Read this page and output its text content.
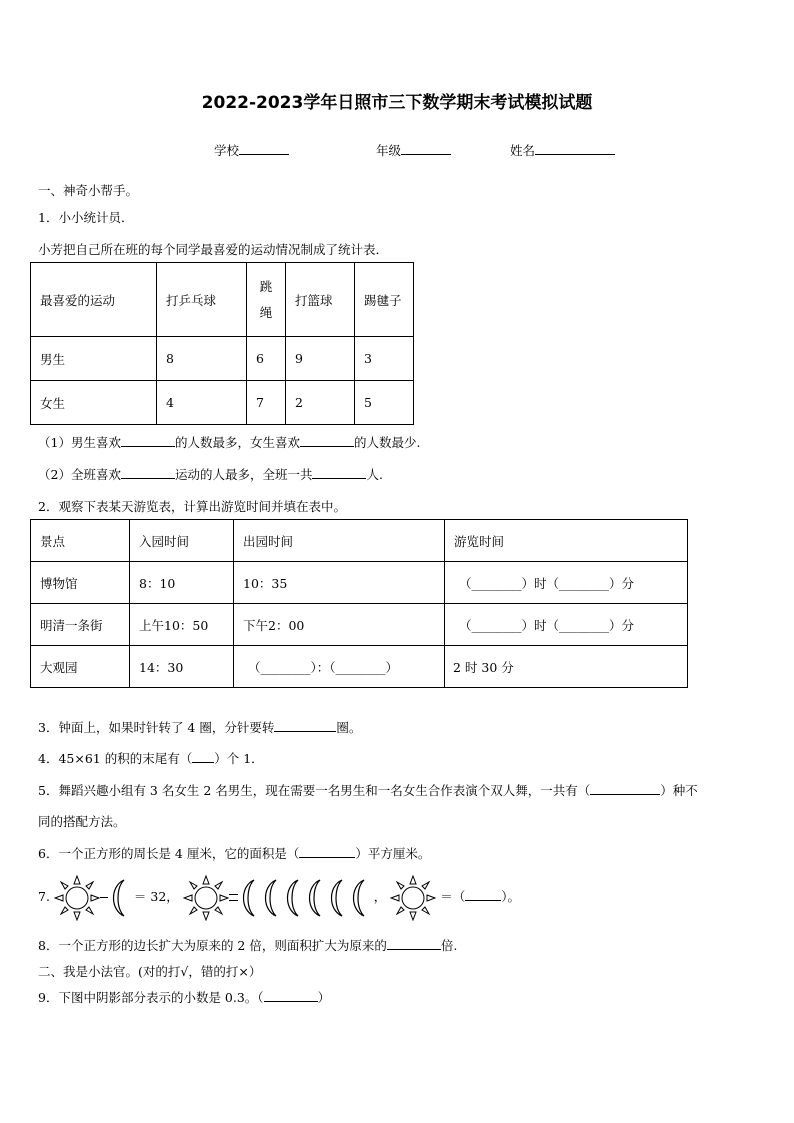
2022-2023学年日照市三下数学期末考试模拟试题
学校	年级	姓名
一、神奇小帮手。
1．小小统计员．
小芳把自己所在班的每个同学最喜爱的运动情况制成了统计表．
最喜爱的运动	打乒乓球	跳绳	打篮球	踢毽子
男生	8	6	9	3
女生	4	7	2	5
（1）男生喜欢	的人数最多，女生喜欢	的人数最少.
（2）全班喜欢	运动的人最多，全班一共	人.
2．观察下表某天游览表，计算出游览时间并填在表中。
景点	入园时间	出园时间	游览时间
博物馆	8：10	10：35	（________）时（________）分
明清一条街	上午10：50	下午2：00	（________）时（________）分
大观园	14：30	（________）：（________）	2 时 30 分
3．钟面上，如果时针转了 4 圈，分针要转	圈。
4．45×61 的积的末尾有（ ）个 1．
5．舞蹈兴趣小组有 3 名女生 2 名男生，现在需要一名男生和一名女生合作表演个双人舞，一共有（	）种不
同的搭配方法。
6．一个正方形的周长是 4 厘米，它的面积是（	）平方厘米。
7.	＝ 32，	，	＝（	）。
8．一个正方形的边长扩大为原来的 2 倍，则面积扩大为原来的	倍.
二、我是小法官。(对的打√，错的打×）
9．下图中阴影部分表示的小数是 0.3。（	）
